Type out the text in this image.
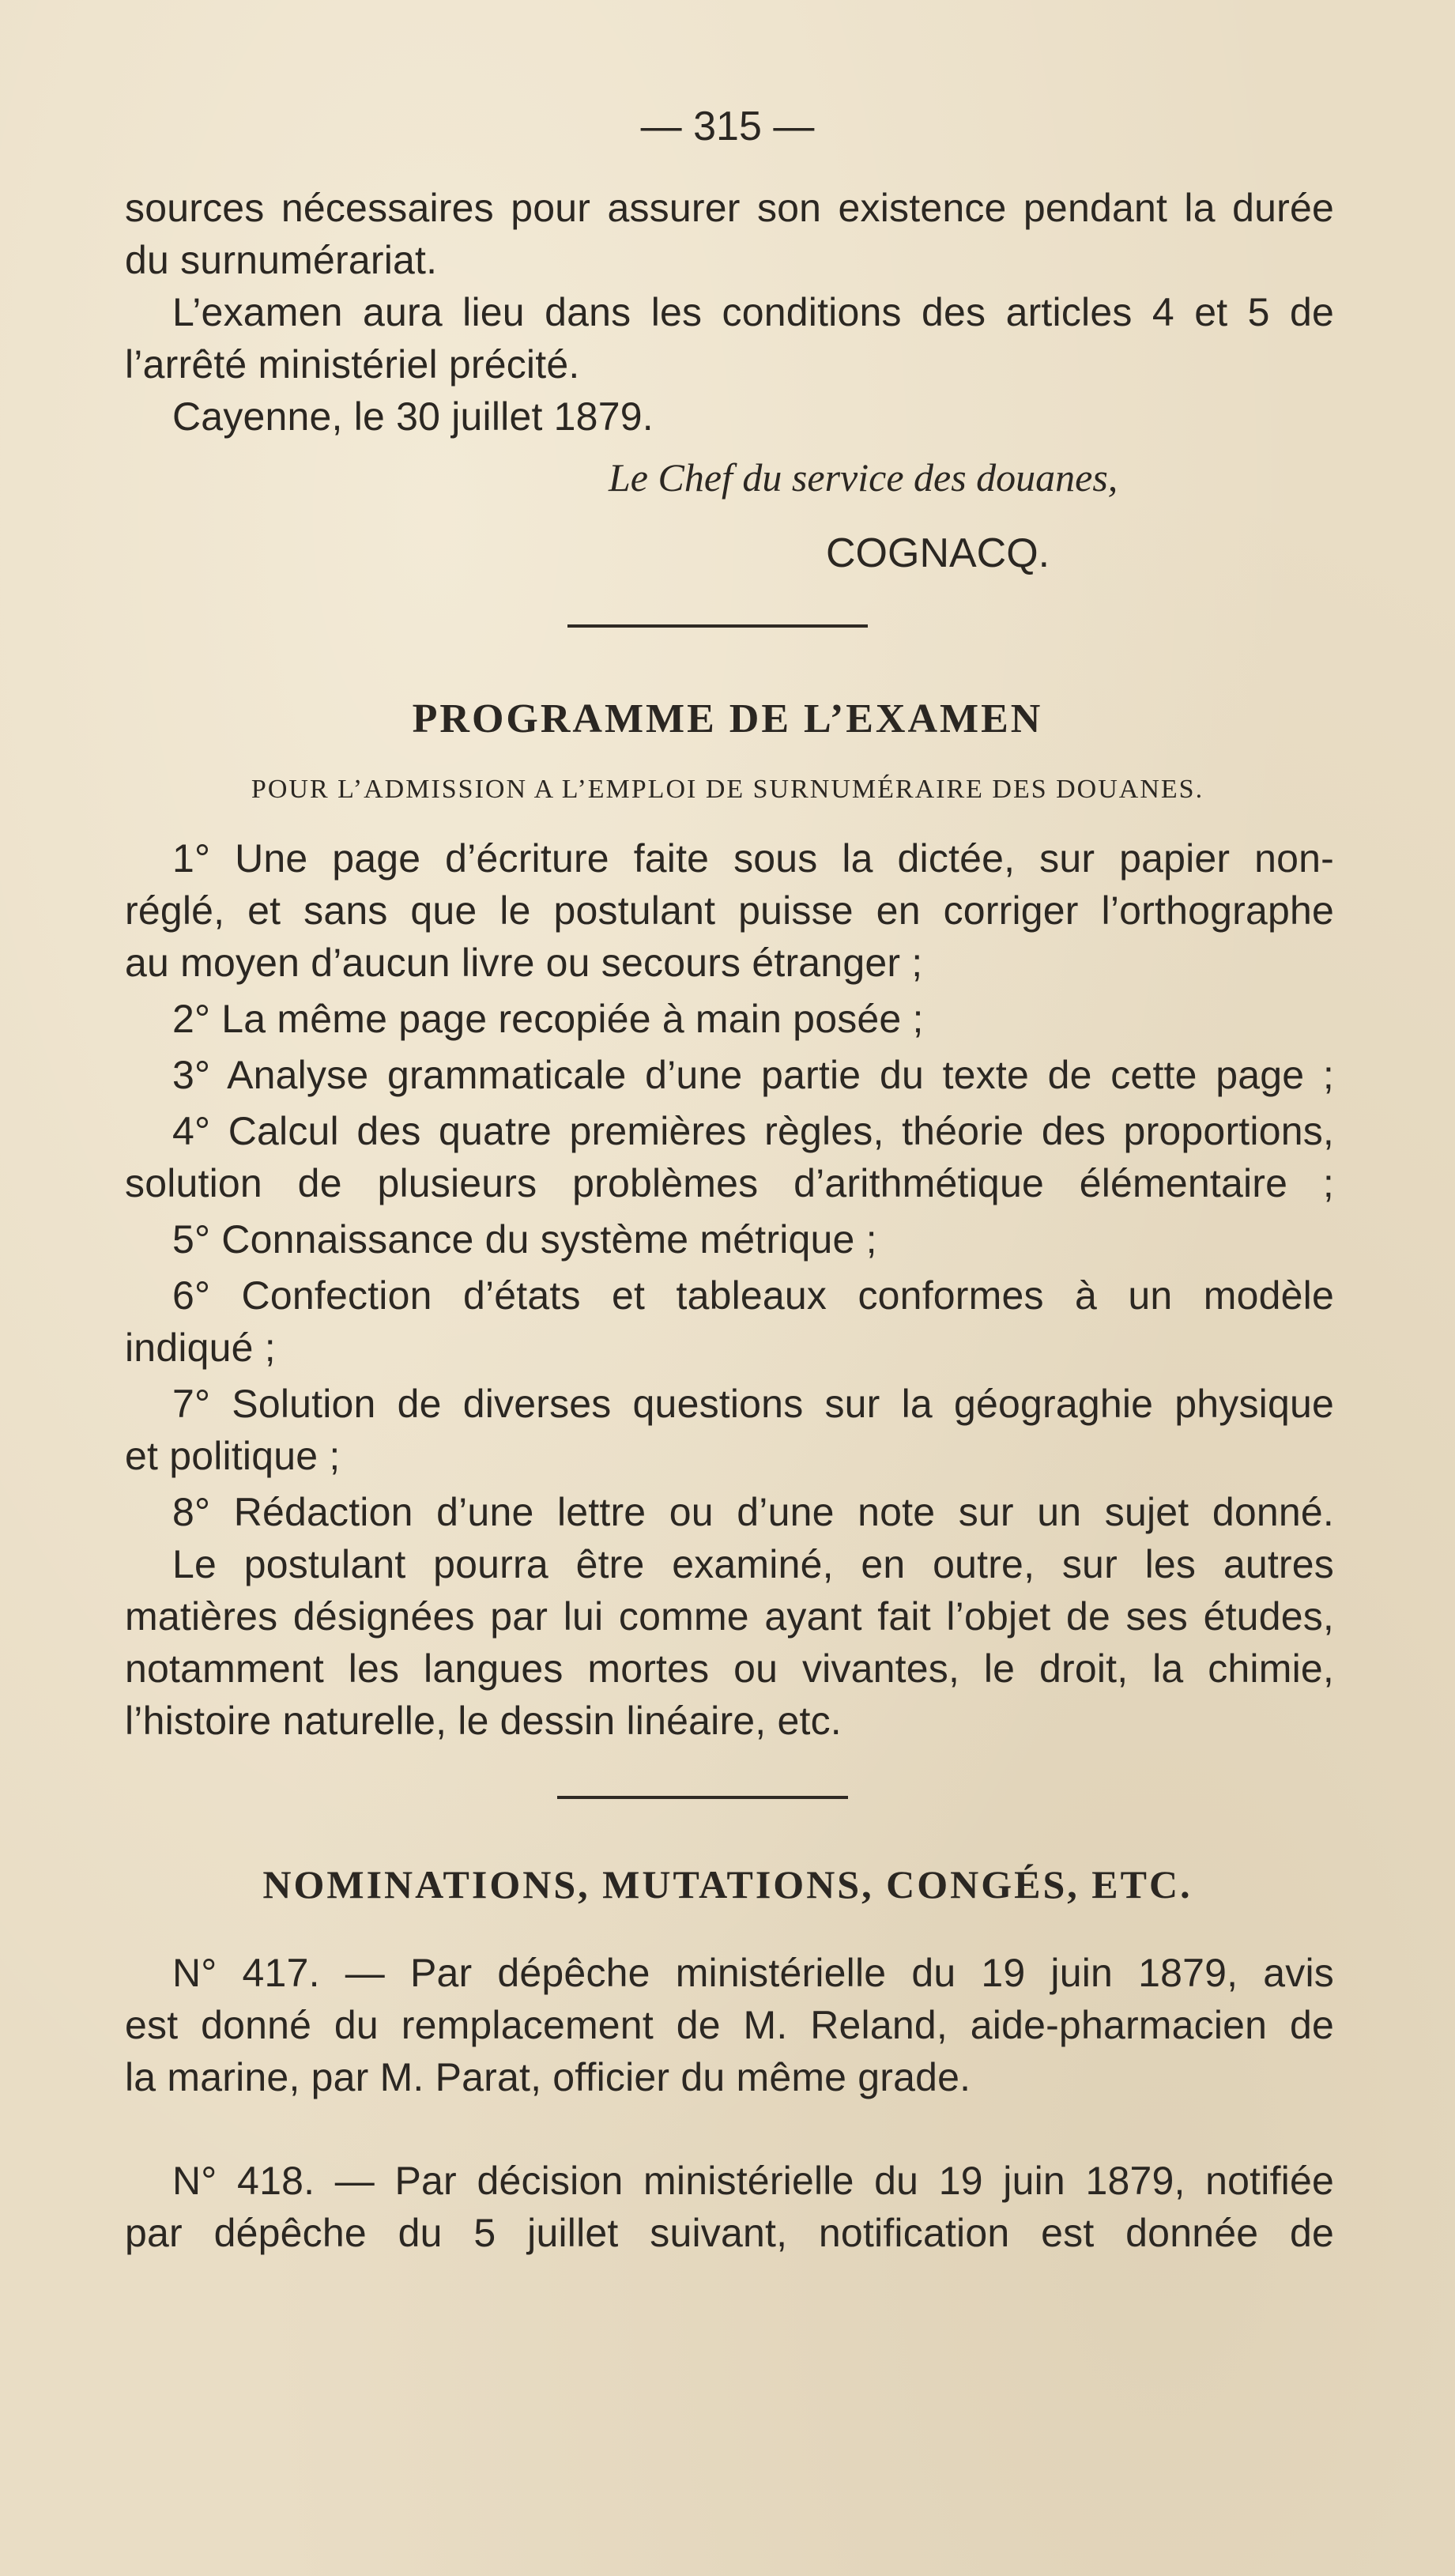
— 315 —
sources nécessaires pour assurer son existence pendant la durée
du surnumérariat.
L’examen aura lieu dans les conditions des articles 4 et 5 de
l’arrêté ministériel précité.
Cayenne, le 30 juillet 1879.
Le Chef du service des douanes,
COGNACQ.
PROGRAMME DE L’EXAMEN
POUR L’ADMISSION A L’EMPLOI DE SURNUMÉRAIRE DES DOUANES.
1° Une page d’écriture faite sous la dictée, sur papier non-
réglé, et sans que le postulant puisse en corriger l’orthographe
au moyen d’aucun livre ou secours étranger ;
2° La même page recopiée à main posée ;
3° Analyse grammaticale d’une partie du texte de cette page ;
4° Calcul des quatre premières règles, théorie des proportions,
solution de plusieurs problèmes d’arithmétique élémentaire ;
5° Connaissance du système métrique ;
6° Confection d’états et tableaux conformes à un modèle
indiqué ;
7° Solution de diverses questions sur la géograghie physique
et politique ;
8° Rédaction d’une lettre ou d’une note sur un sujet donné.
Le postulant pourra être examiné, en outre, sur les autres
matières désignées par lui comme ayant fait l’objet de ses études,
notamment les langues mortes ou vivantes, le droit, la chimie,
l’histoire naturelle, le dessin linéaire, etc.
NOMINATIONS, MUTATIONS, CONGÉS, ETC.
N° 417. — Par dépêche ministérielle du 19 juin 1879, avis
est donné du remplacement de M. Reland, aide-pharmacien de
la marine, par M. Parat, officier du même grade.
N° 418. — Par décision ministérielle du 19 juin 1879, notifiée
par dépêche du 5 juillet suivant, notification est donnée de
